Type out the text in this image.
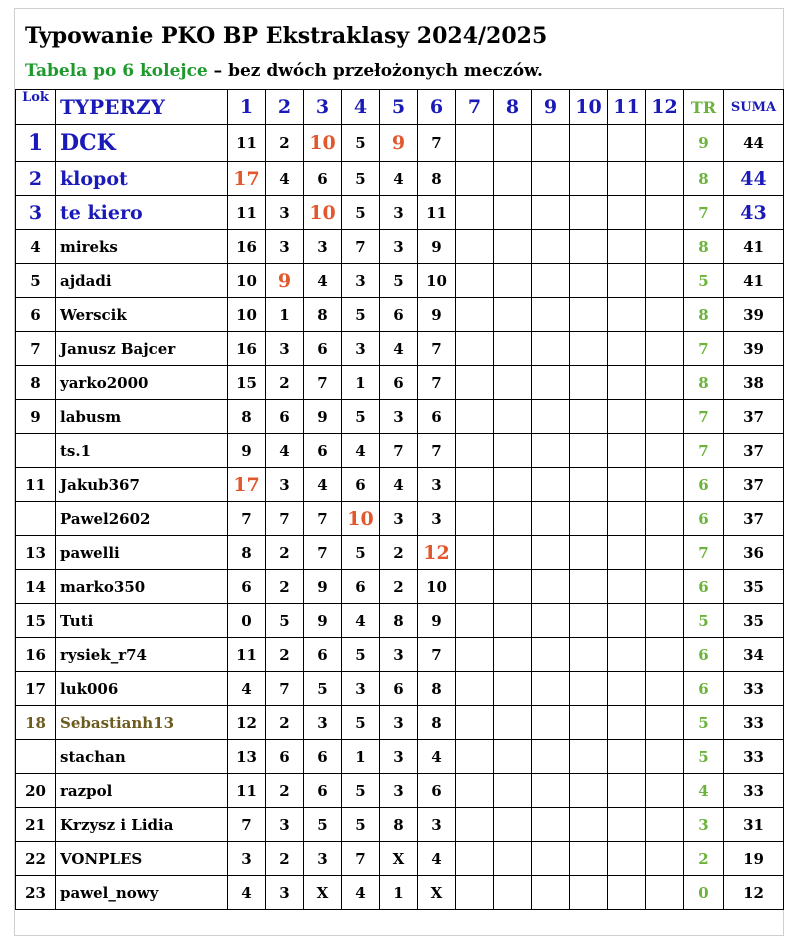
Typowanie PKO BP Ekstraklasy 2024/2025
Tabela po 6 kolejce – bez dwóch przełożonych meczów.
Lok	TYPERZY	1	2	3	4	5	6	7	8	9	10	11	12	TR	SUMA
1	DCK	11	2	10	5	9	7							9	44
2	klopot	17	4	6	5	4	8							8	44
3	te kiero	11	3	10	5	3	11							7	43
4	mireks	16	3	3	7	3	9							8	41
5	ajdadi	10	9	4	3	5	10							5	41
6	Werscik	10	1	8	5	6	9							8	39
7	Janusz Bajcer	16	3	6	3	4	7							7	39
8	yarko2000	15	2	7	1	6	7							8	38
9	labusm	8	6	9	5	3	6							7	37
	ts.1	9	4	6	4	7	7							7	37
11	Jakub367	17	3	4	6	4	3							6	37
	Pawel2602	7	7	7	10	3	3							6	37
13	pawelli	8	2	7	5	2	12							7	36
14	marko350	6	2	9	6	2	10							6	35
15	Tuti	0	5	9	4	8	9							5	35
16	rysiek_r74	11	2	6	5	3	7							6	34
17	luk006	4	7	5	3	6	8							6	33
18	Sebastianh13	12	2	3	5	3	8							5	33
	stachan	13	6	6	1	3	4							5	33
20	razpol	11	2	6	5	3	6							4	33
21	Krzysz i Lidia	7	3	5	5	8	3							3	31
22	VONPLES	3	2	3	7	X	4							2	19
23	pawel_nowy	4	3	X	4	1	X							0	12
